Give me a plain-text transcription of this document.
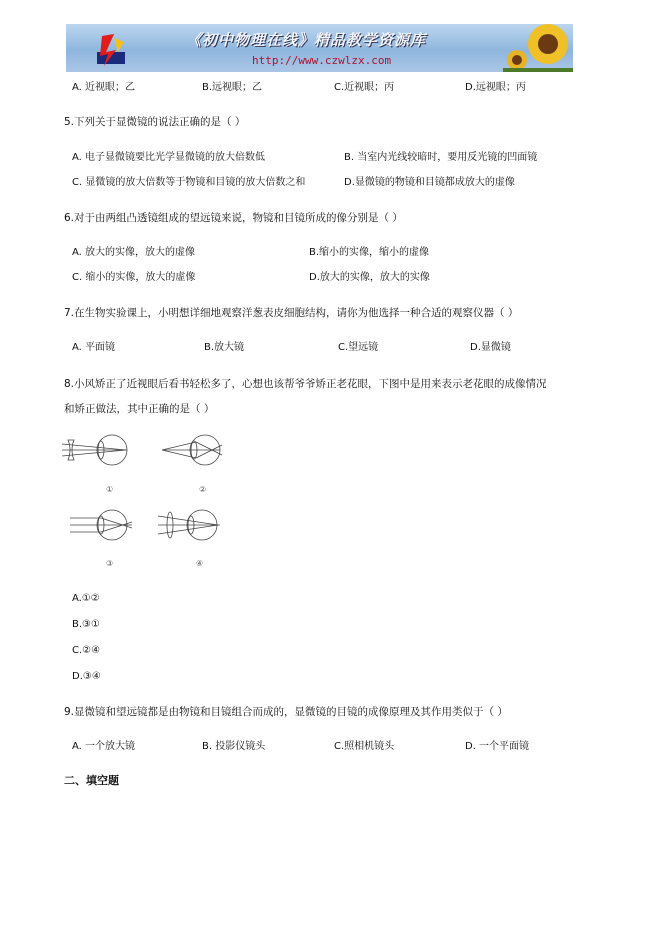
《初中物理在线》精品教学资源库
http://www.czwlzx.com
A. 近视眼；乙	B.远视眼；乙	C.近视眼；丙	D.远视眼；丙
5.下列关于显微镜的说法正确的是（ ）
A. 电子显微镜要比光学显微镜的放大倍数低	B. 当室内光线较暗时，要用反光镜的凹面镜
C. 显微镜的放大倍数等于物镜和目镜的放大倍数之和	D.显微镜的物镜和目镜都成放大的虚像
6.对于由两组凸透镜组成的望远镜来说，物镜和目镜所成的像分别是（ ）
A. 放大的实像，放大的虚像	B.缩小的实像，缩小的虚像
C. 缩小的实像，放大的虚像	D.放大的实像，放大的实像
7.在生物实验课上，小明想详细地观察洋葱表皮细胞结构，请你为他选择一种合适的观察仪器（ ）
A. 平面镜	B.放大镜	C.望远镜	D.显微镜
8.小风矫正了近视眼后看书轻松多了，心想也该帮爷爷矫正老花眼，下图中是用来表示老花眼的成像情况
和矫正做法，其中正确的是（ ）
①	②
③	④
A.①②
B.③①
C.②④
D.③④
9.显微镜和望远镜都是由物镜和目镜组合而成的，显微镜的目镜的成像原理及其作用类似于（ ）
A. 一个放大镜	B. 投影仪镜头	C.照相机镜头	D. 一个平面镜
二、填空题
